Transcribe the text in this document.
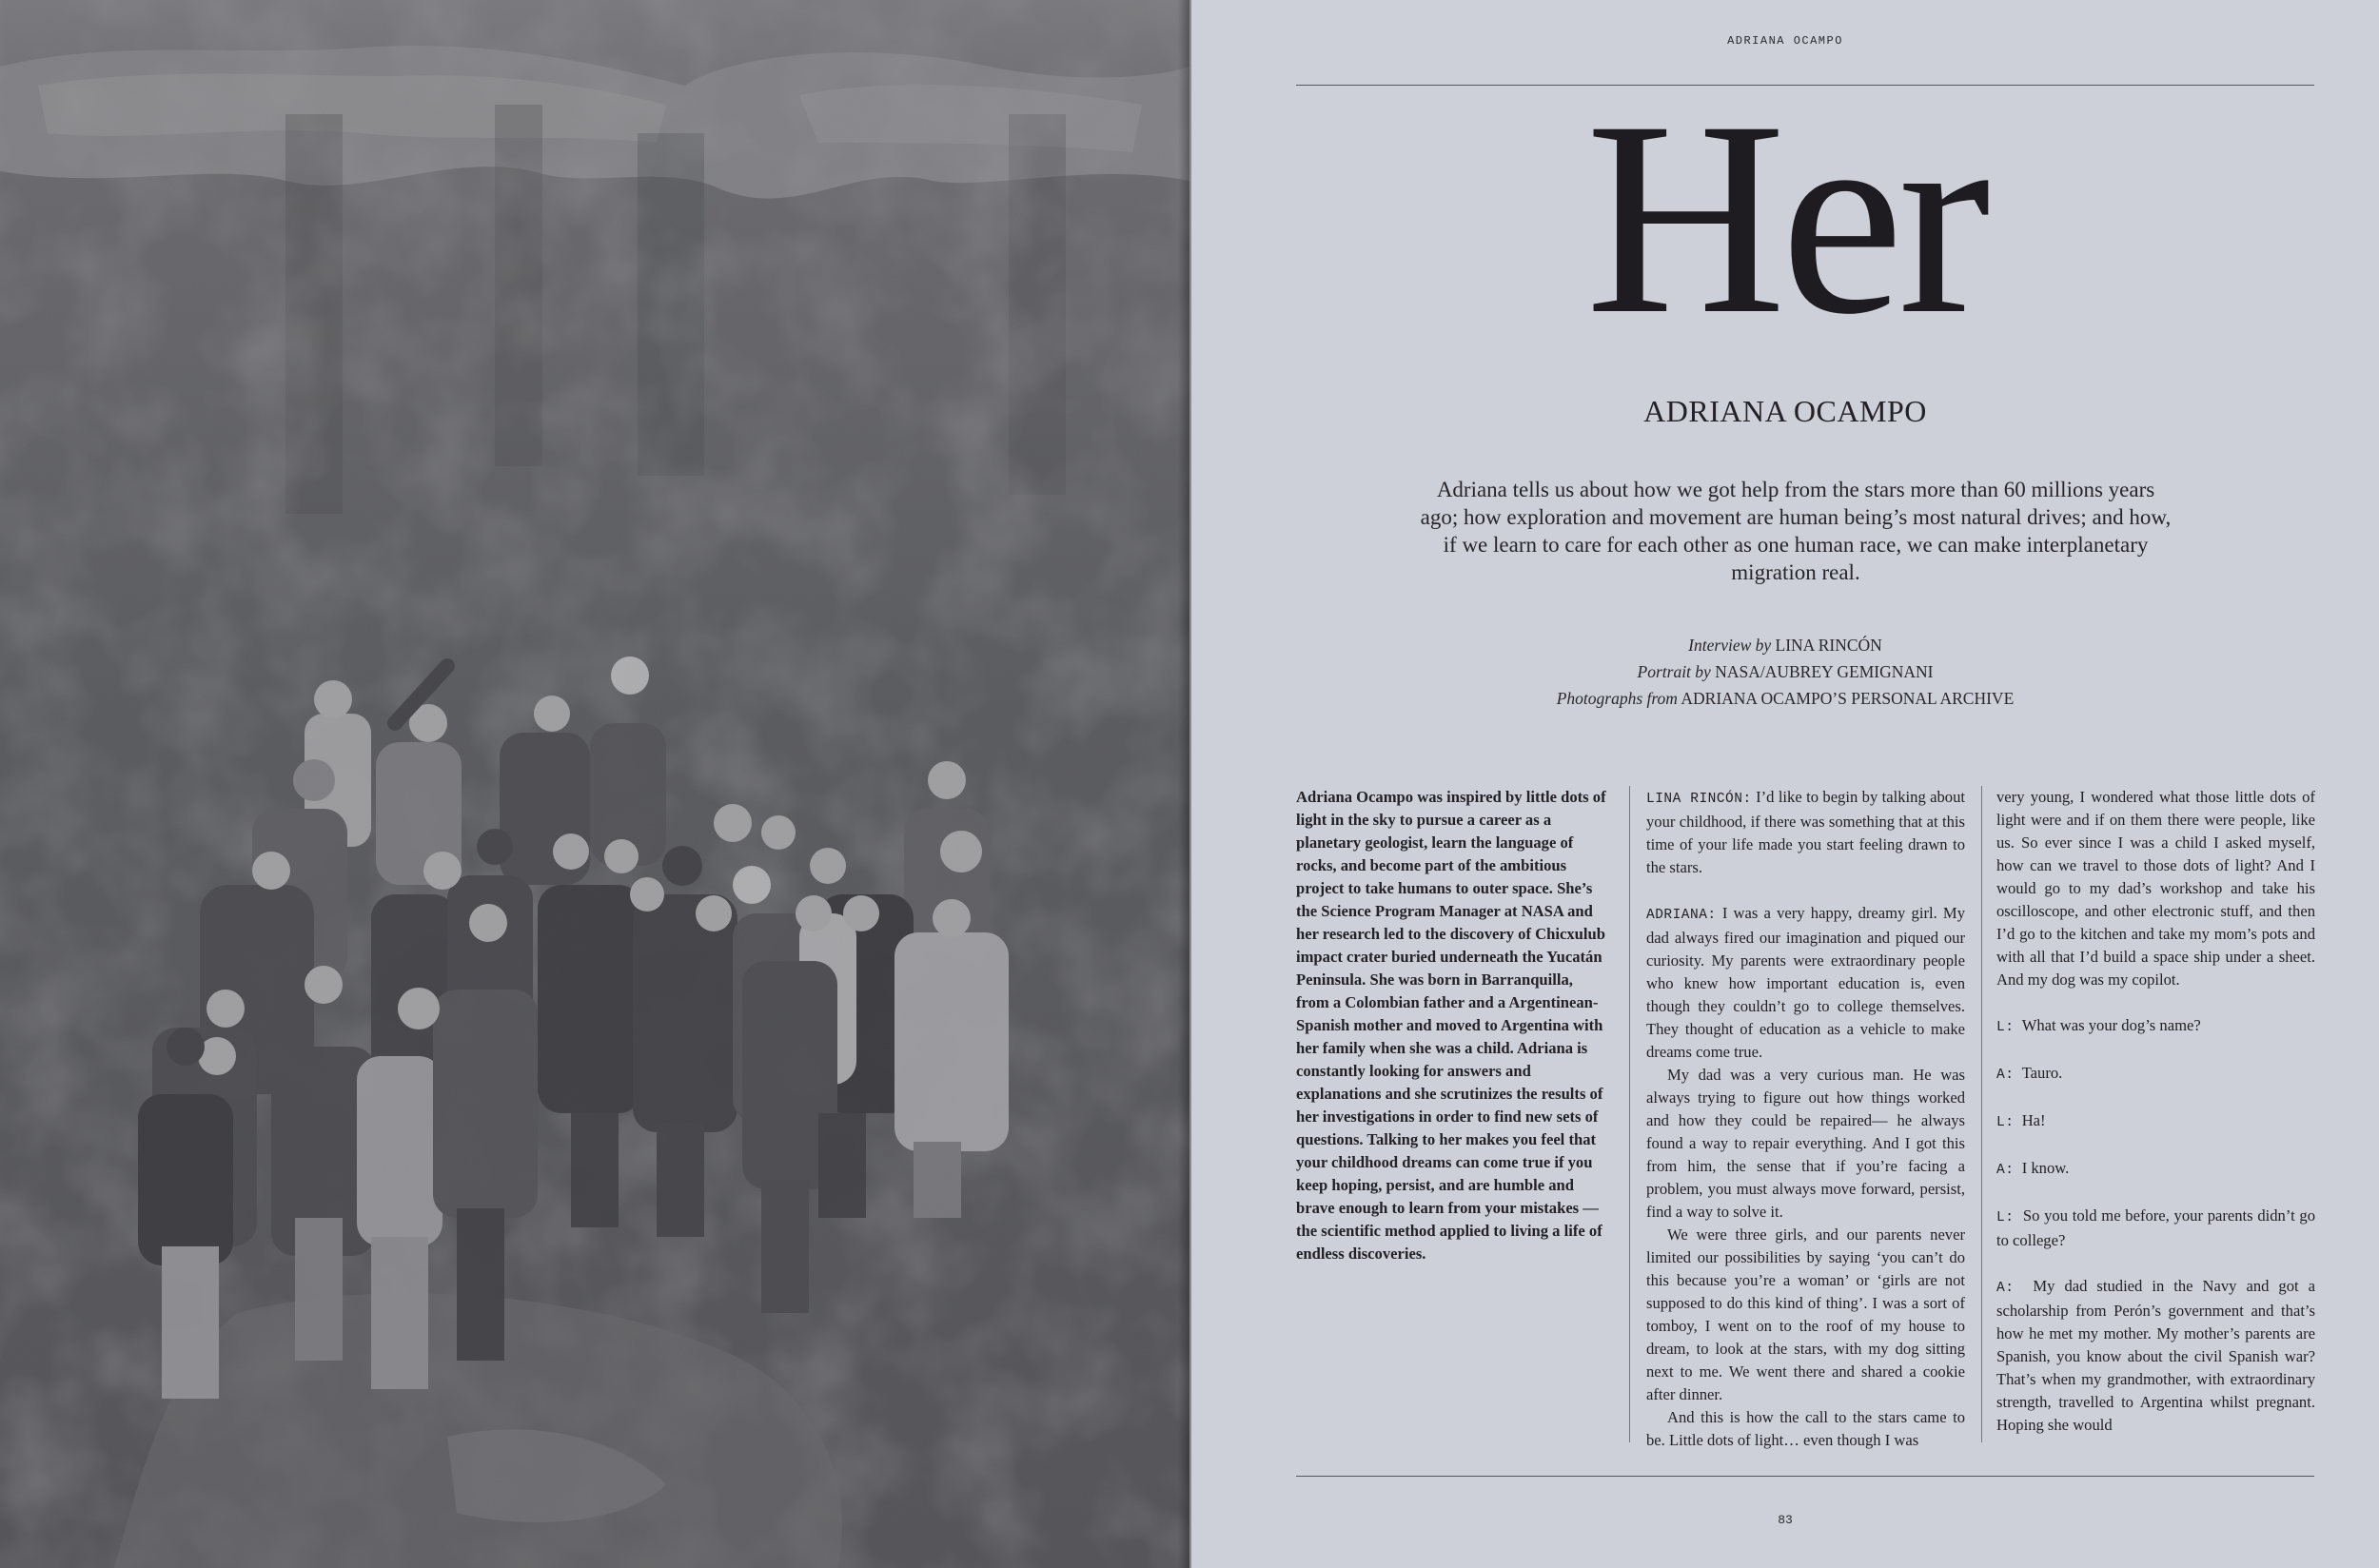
ADRIANA OCAMPO
Her
ADRIANA OCAMPO
Adriana tells us about how we got help from the stars more than 60 millions years ago; how exploration and movement are human being’s most natural drives; and how, if we learn to care for each other as one human race, we can make interplanetary migration real.
Interview by LINA RINCÓN
Portrait by NASA/AUBREY GEMIGNANI
Photographs from ADRIANA OCAMPO’S PERSONAL ARCHIVE

Adriana Ocampo was inspired by little dots of light in the sky to pursue a career as a planetary geologist, learn the language of rocks, and become part of the ambitious project to take humans to outer space. She’s the Science Program Manager at NASA and her research led to the discovery of Chicxulub impact crater buried underneath the Yucatán Peninsula. She was born in Barranquilla, from a Colombian father and a Argentinean-Spanish mother and moved to Argentina with her family when she was a child. Adriana is constantly looking for answers and explanations and she scrutinizes the results of her investigations in order to find new sets of questions. Talking to her makes you feel that your childhood dreams can come true if you keep hoping, persist, and are humble and brave enough to learn from your mistakes —the scientific method applied to living a life of endless discoveries.

LINA RINCÓN: I’d like to begin by talking about your childhood, if there was something that at this time of your life made you start feeling drawn to the stars.

ADRIANA: I was a very happy, dreamy girl. My dad always fired our imagination and piqued our curiosity. My parents were extraordinary people who knew how important education is, even though they couldn’t go to college themselves. They thought of education as a vehicle to make dreams come true.

My dad was a very curious man. He was always trying to figure out how things worked and how they could be repaired— he always found a way to repair everything. And I got this from him, the sense that if you’re facing a problem, you must always move forward, persist, find a way to solve it.

We were three girls, and our parents never limited our possibilities by saying ‘you can’t do this because you’re a woman’ or ‘girls are not supposed to do this kind of thing’. I was a sort of tomboy, I went on to the roof of my house to dream, to look at the stars, with my dog sitting next to me. We went there and shared a cookie after dinner.

And this is how the call to the stars came to be. Little dots of light… even though I was

very young, I wondered what those little dots of light were and if on them there were people, like us. So ever since I was a child I asked myself, how can we travel to those dots of light? And I would go to my dad’s workshop and take his oscilloscope, and other electronic stuff, and then I’d go to the kitchen and take my mom’s pots and with all that I’d build a space ship under a sheet. And my dog was my copilot.

L: What was your dog’s name?

A: Tauro.

L: Ha!

A: I know.

L: So you told me before, your parents didn’t go to college?

A: My dad studied in the Navy and got a scholarship from Perón’s government and that’s how he met my mother. My mother’s parents are Spanish, you know about the civil Spanish war? That’s when my grandmother, with extraordinary strength, travelled to Argentina whilst pregnant. Hoping she would

83
